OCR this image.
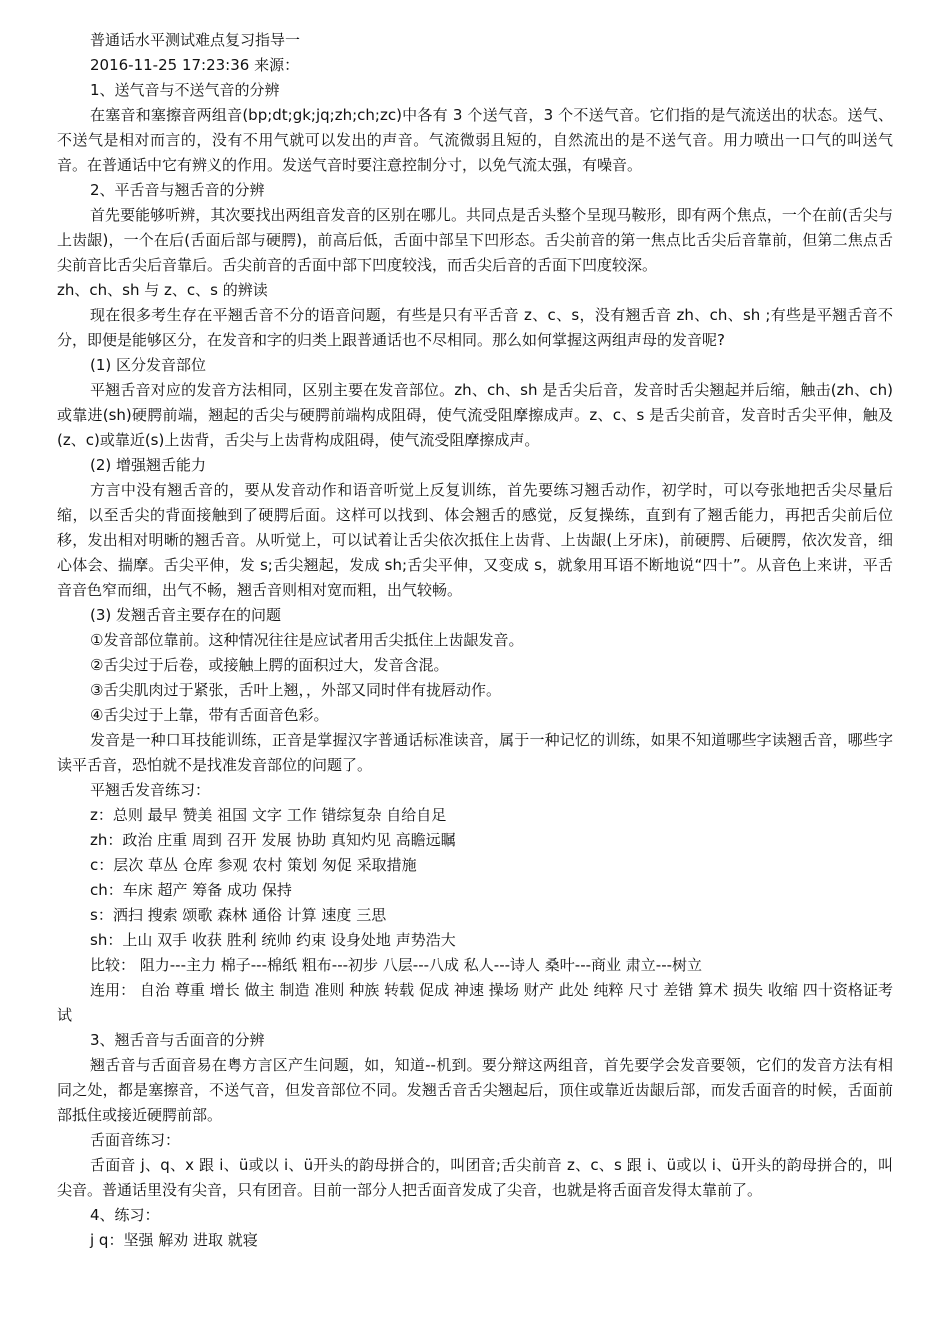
普通话水平测试难点复习指导一
2016-11-25 17:23:36 来源：
1、送气音与不送气音的分辨
在塞音和塞擦音两组音(bp;dt;gk;jq;zh;ch;zc)中各有 3 个送气音，3 个不送气音。它们指的是气流送出的状态。送气、不送气是相对而言的，没有不用气就可以发出的声音。气流微弱且短的，自然流出的是不送气音。用力喷出一口气的叫送气音。在普通话中它有辨义的作用。发送气音时要注意控制分寸，以免气流太强，有噪音。
2、平舌音与翘舌音的分辨
首先要能够听辨，其次要找出两组音发音的区别在哪儿。共同点是舌头整个呈现马鞍形，即有两个焦点，一个在前(舌尖与上齿龈)，一个在后(舌面后部与硬腭)，前高后低，舌面中部呈下凹形态。舌尖前音的第一焦点比舌尖后音靠前，但第二焦点舌尖前音比舌尖后音靠后。舌尖前音的舌面中部下凹度较浅，而舌尖后音的舌面下凹度较深。
zh、ch、sh 与 z、c、s 的辨读
现在很多考生存在平翘舌音不分的语音问题，有些是只有平舌音 z、c、s，没有翘舌音 zh、ch、sh ;有些是平翘舌音不分，即便是能够区分，在发音和字的归类上跟普通话也不尽相同。那么如何掌握这两组声母的发音呢?
(1) 区分发音部位
平翘舌音对应的发音方法相同，区别主要在发音部位。zh、ch、sh 是舌尖后音，发音时舌尖翘起并后缩，触击(zh、ch)或靠进(sh)硬腭前端，翘起的舌尖与硬腭前端构成阻碍，使气流受阻摩擦成声。z、c、s 是舌尖前音，发音时舌尖平伸，触及(z、c)或靠近(s)上齿背，舌尖与上齿背构成阻碍，使气流受阻摩擦成声。
(2) 增强翘舌能力
方言中没有翘舌音的，要从发音动作和语音听觉上反复训练，首先要练习翘舌动作，初学时，可以夸张地把舌尖尽量后缩，以至舌尖的背面接触到了硬腭后面。这样可以找到、体会翘舌的感觉，反复操练，直到有了翘舌能力，再把舌尖前后位移，发出相对明晰的翘舌音。从听觉上，可以试着让舌尖依次抵住上齿背、上齿龈(上牙床)，前硬腭、后硬腭，依次发音，细心体会、揣摩。舌尖平伸，发 s;舌尖翘起，发成 sh;舌尖平伸，又变成 s，就象用耳语不断地说“四十”。从音色上来讲，平舌音音色窄而细，出气不畅，翘舌音则相对宽而粗，出气较畅。
(3) 发翘舌音主要存在的问题
①发音部位靠前。这种情况往往是应试者用舌尖抵住上齿龈发音。
②舌尖过于后卷，或接触上腭的面积过大，发音含混。
③舌尖肌肉过于紧张，舌叶上翘，，外部又同时伴有拢唇动作。
④舌尖过于上靠，带有舌面音色彩。
发音是一种口耳技能训练，正音是掌握汉字普通话标准读音，属于一种记忆的训练，如果不知道哪些字读翘舌音，哪些字读平舌音，恐怕就不是找准发音部位的问题了。
平翘舌发音练习：
z：总则 最早 赞美 祖国 文字 工作 错综复杂 自给自足
zh：政治 庄重 周到 召开 发展 协助 真知灼见 高瞻远瞩
c：层次 草丛 仓库 参观 农村 策划 匆促 采取措施
ch：车床 超产 筹备 成功 保持
s：洒扫 搜索 颂歌 森林 通俗 计算 速度 三思
sh：上山 双手 收获 胜利 统帅 约束 设身处地 声势浩大
比较： 阻力---主力 棉子---棉纸 粗布---初步 八层---八成 私人---诗人 桑叶---商业 肃立---树立
连用： 自治 尊重 增长 做主 制造 准则 种族 转载 促成 神速 操场 财产 此处 纯粹 尺寸 差错 算术 损失 收缩 四十资格证考试
3、翘舌音与舌面音的分辨
翘舌音与舌面音易在粤方言区产生问题，如，知道--机到。要分辩这两组音，首先要学会发音要领，它们的发音方法有相同之处，都是塞擦音，不送气音，但发音部位不同。发翘舌音舌尖翘起后，顶住或靠近齿龈后部，而发舌面音的时候，舌面前部抵住或接近硬腭前部。
舌面音练习：
舌面音 j、q、x 跟 i、ü或以 i、ü开头的韵母拼合的，叫团音;舌尖前音 z、c、s 跟 i、ü或以 i、ü开头的韵母拼合的，叫尖音。普通话里没有尖音，只有团音。目前一部分人把舌面音发成了尖音，也就是将舌面音发得太靠前了。
4、练习：
j q：坚强 解劝 进取 就寝
